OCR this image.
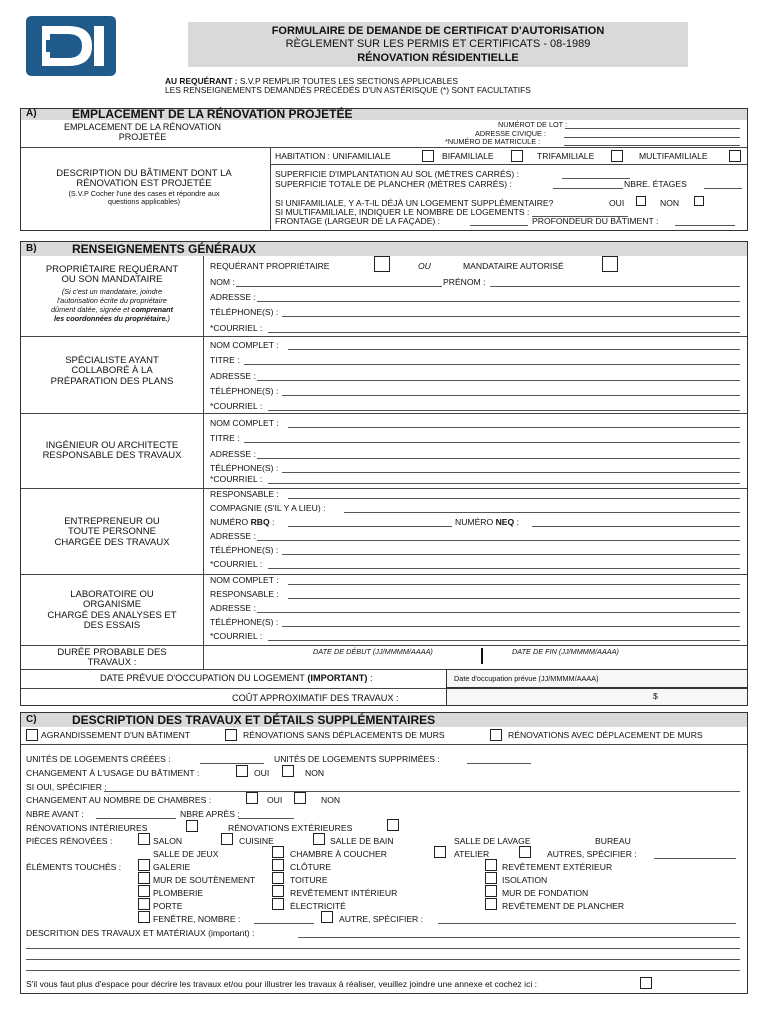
FORMULAIRE DE DEMANDE DE CERTIFICAT D'AUTORISATION
RÈGLEMENT SUR LES PERMIS ET CERTIFICATS - 08-1989
RÉNOVATION RÉSIDENTIELLE
AU REQUÉRANT : S.V.P REMPLIR TOUTES LES SECTIONS APPLICABLES
LES RENSEIGNEMENTS DEMANDÉS PRÉCÉDÉS D'UN ASTÉRISQUE (*) SONT FACULTATIFS
A)	EMPLACEMENT DE LA RÉNOVATION PROJETÉE
EMPLACEMENT DE LA RÉNOVATION
PROJETÉE
NUMÉROT DE LOT :
ADRESSE CIVIQUE :
*NUMÉRO DE MATRICULE :
HABITATION : UNIFAMILIALE	BIFAMILIALE	TRIFAMILIALE	MULTIFAMILIALE
DESCRIPTION DU BÂTIMENT DONT LA
RÉNOVATION EST PROJETÉE
(S.V.P Cocher l'une des cases et répondre aux
questions applicables)
SUPERFICIE D'IMPLANTATION AU SOL (MÈTRES CARRÉS) :
SUPERFICIE TOTALE DE PLANCHER (MÈTRES CARRÉS) :	NBRE. ÉTAGES
SI UNIFAMILIALE, Y A-T-IL DÉJÀ UN LOGEMENT SUPPLÉMENTAIRE?	OUI	NON
SI MULTIFAMILIALE, INDIQUER LE NOMBRE DE LOGEMENTS :
FRONTAGE (LARGEUR DE LA FAÇADE) :	PROFONDEUR DU BÂTIMENT :
B)	RENSEIGNEMENTS GÉNÉRAUX
PROPRIÉTAIRE REQUÉRANT
OU SON MANDATAIRE
(Si c'est un mandataire, joindre
l'autorisation écrite du propriétaire
dûment datée, signée et comprenant
les coordonnées du propriétaire.)
REQUÉRANT PROPRIÉTAIRE	OU	MANDATAIRE AUTORISÉ
NOM :	PRÉNOM :
ADRESSE :
TÉLÉPHONE(S) :
*COURRIEL :
SPÉCIALISTE AYANT
COLLABORÉ À LA
PRÉPARATION DES PLANS
NOM COMPLET :
TITRE :
ADRESSE :
TÉLÉPHONE(S) :
*COURRIEL :
INGÉNIEUR OU ARCHITECTE
RESPONSABLE DES TRAVAUX
NOM COMPLET :
TITRE :
ADRESSE :
TÉLÉPHONE(S) :
*COURRIEL :
ENTREPRENEUR OU
TOUTE PERSONNE
CHARGÉE DES TRAVAUX
RESPONSABLE :
COMPAGNIE (S'IL Y A LIEU) :
NUMÉRO RBQ :	NUMÉRO NEQ :
ADRESSE :
TÉLÉPHONE(S) :
*COURRIEL :
LABORATOIRE OU
ORGANISME
CHARGÉ DES ANALYSES ET
DES ESSAIS
NOM COMPLET :
RESPONSABLE :
ADRESSE :
TÉLÉPHONE(S) :
*COURRIEL :
DURÉE PROBABLE DES
TRAVAUX :
DATE DE DÉBUT (JJ/MMMM/AAAA)	DATE DE FIN (JJ/MMMM/AAAA)
DATE PRÉVUE D'OCCUPATION DU LOGEMENT (IMPORTANT) :	Date d'occupation prévue (JJ/MMMM/AAAA)
COÛT APPROXIMATIF DES TRAVAUX :	$
C)	DESCRIPTION DES TRAVAUX ET DÉTAILS SUPPLÉMENTAIRES
AGRANDISSEMENT D'UN BÂTIMENT	RÉNOVATIONS SANS DÉPLACEMENTS DE MURS	RÉNOVATIONS AVEC DÉPLACEMENT DE MURS
UNITÉS DE LOGEMENTS CRÉÉES :	UNITÉS DE LOGEMENTS SUPPRIMÉES :
CHANGEMENT À L'USAGE DU BÂTIMENT :	OUI	NON
SI OUI, SPÉCIFIER :
CHANGEMENT AU NOMBRE DE CHAMBRES :	OUI	NON
NBRE AVANT :	NBRE APRÈS :
RÉNOVATIONS INTÉRIEURES	RÉNOVATIONS EXTÉRIEURES
PIÈCES RÉNOVÉES :	SALON	CUISINE	SALLE DE BAIN	SALLE DE LAVAGE	BUREAU
SALLE DE JEUX	CHAMBRE À COUCHER	ATELIER	AUTRES, SPÉCIFIER :
ÉLÉMENTS TOUCHÉS :	GALERIE	CLÔTURE	REVÊTEMENT EXTÉRIEUR
MUR DE SOUTÈNEMENT	TOITURE	ISOLATION
PLOMBERIE	REVÊTEMENT INTÉRIEUR	MUR DE FONDATION
PORTE	ÉLECTRICITÉ	REVÊTEMENT DE PLANCHER
FENÊTRE, NOMBRE :	AUTRE, SPÉCIFIER :
DESCRITION DES TRAVAUX ET MATÉRIAUX (important) :
S'il vous faut plus d'espace pour décrire les travaux et/ou pour illustrer les travaux à réaliser, veuillez joindre une annexe et cochez ici :
